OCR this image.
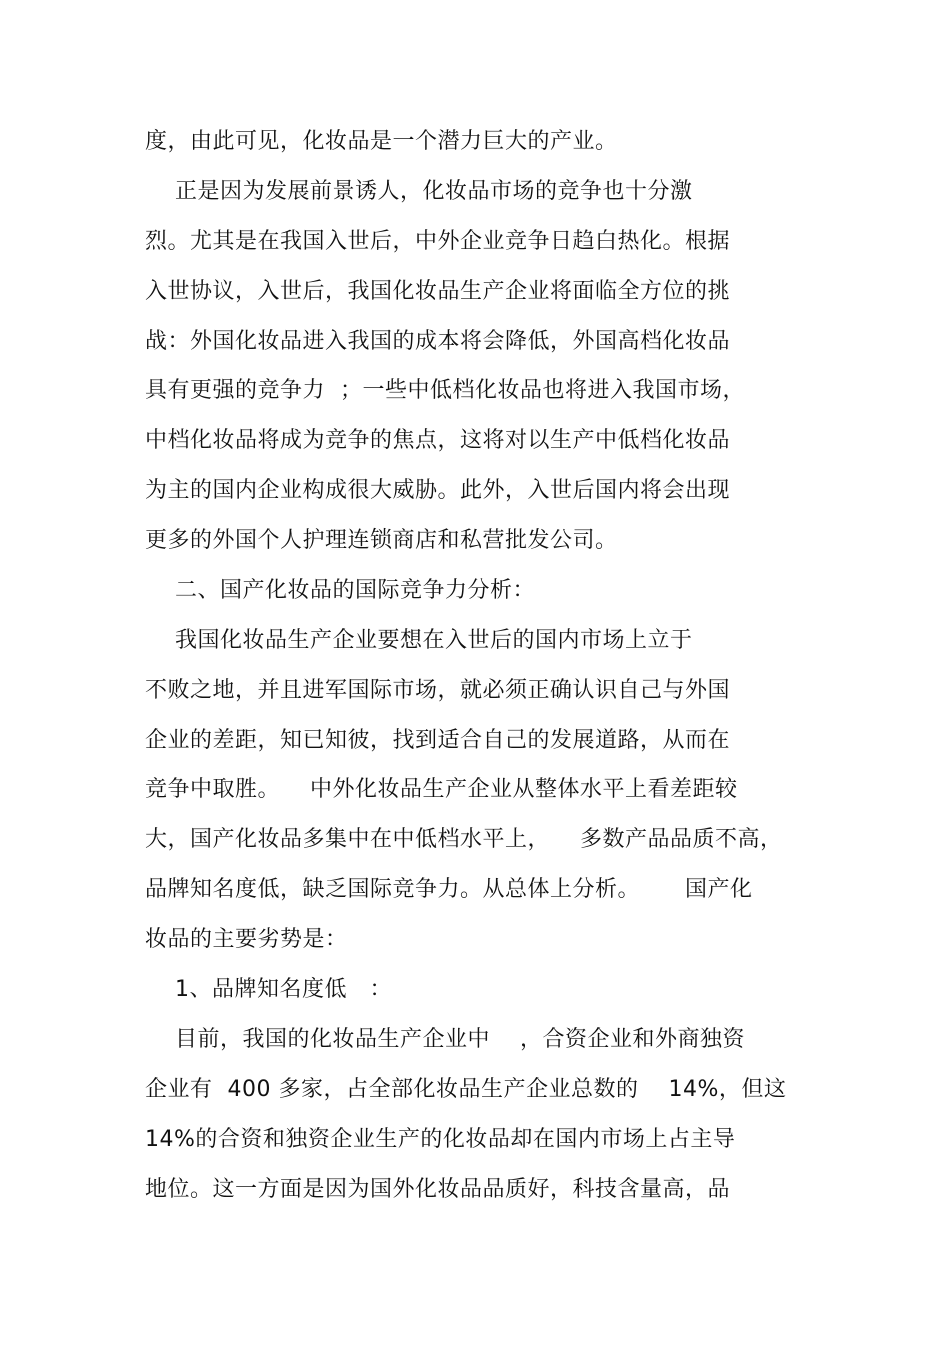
度，由此可见，化妆品是一个潜力巨大的产业。
正是因为发展前景诱人，化妆品市场的竞争也十分激
烈。尤其是在我国入世后，中外企业竞争日趋白热化。根据
入世协议，入世后，我国化妆品生产企业将面临全方位的挑
战：外国化妆品进入我国的成本将会降低，外国高档化妆品
具有更强的竞争力  ；一些中低档化妆品也将进入我国市场，
中档化妆品将成为竞争的焦点，这将对以生产中低档化妆品
为主的国内企业构成很大威胁。此外，入世后国内将会出现
更多的外国个人护理连锁商店和私营批发公司。
二、国产化妆品的国际竞争力分析：
我国化妆品生产企业要想在入世后的国内市场上立于
不败之地，并且进军国际市场，就必须正确认识自己与外国
企业的差距，知已知彼，找到适合自己的发展道路，从而在
竞争中取胜。    中外化妆品生产企业从整体水平上看差距较
大，国产化妆品多集中在中低档水平上，    多数产品品质不高，
品牌知名度低，缺乏国际竞争力。从总体上分析。      国产化
妆品的主要劣势是：
1、品牌知名度低   ：
目前，我国的化妆品生产企业中    ，合资企业和外商独资
企业有  400 多家，占全部化妆品生产企业总数的    14%，但这
14%的合资和独资企业生产的化妆品却在国内市场上占主导
地位。这一方面是因为国外化妆品品质好，科技含量高，品
